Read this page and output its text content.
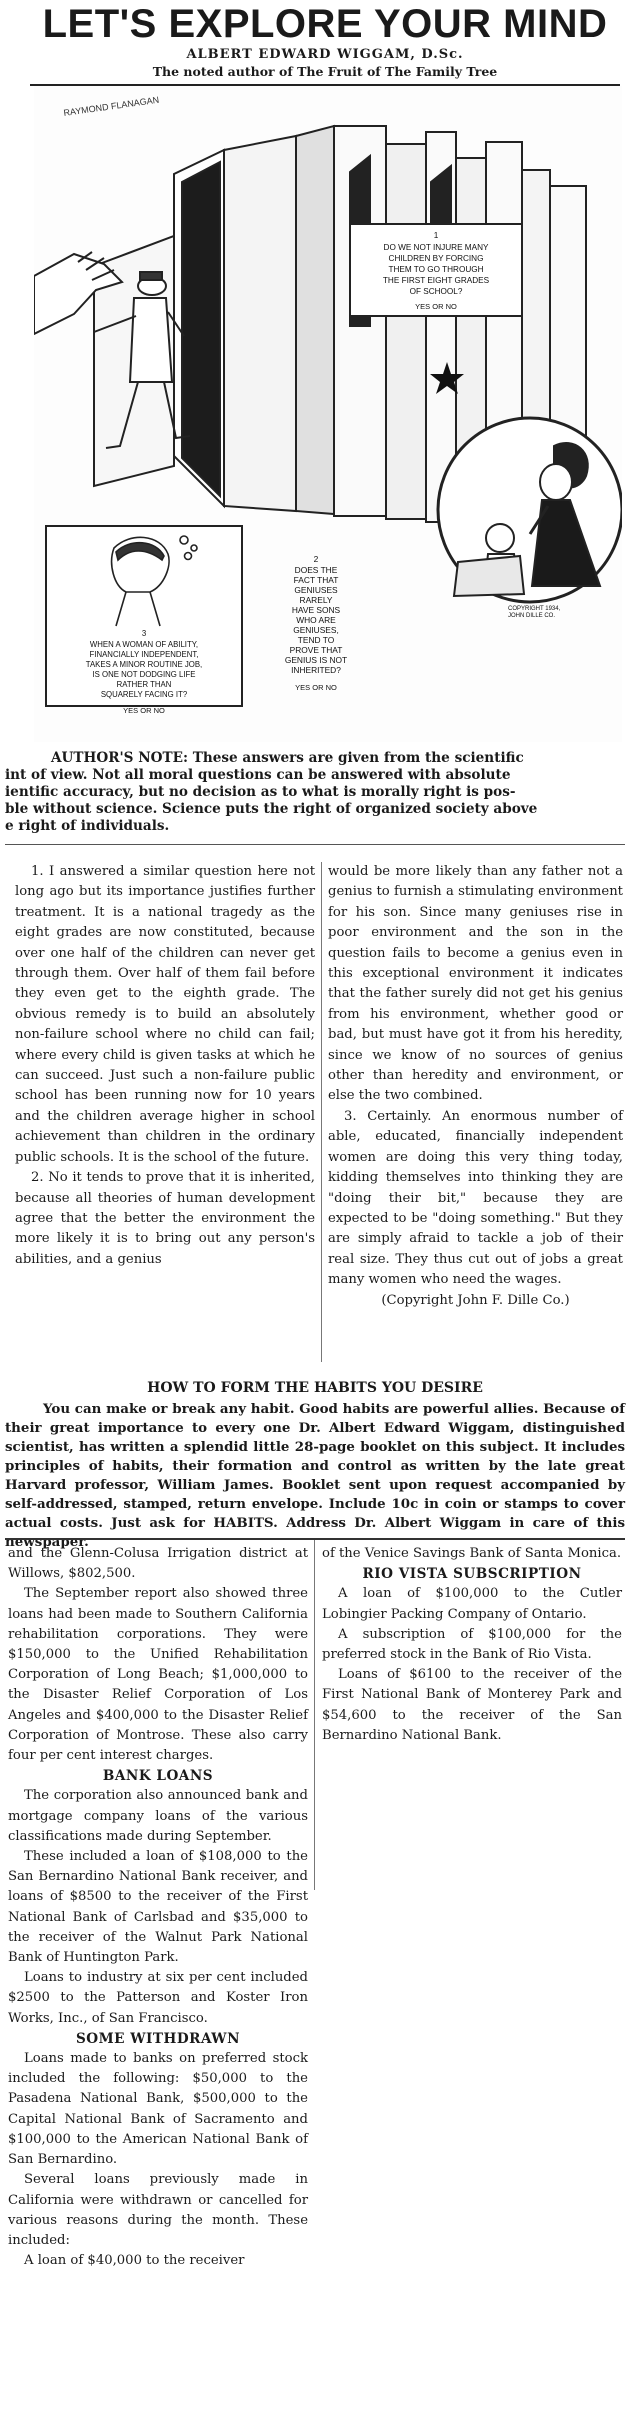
LET'S EXPLORE YOUR MIND
ALBERT EDWARD WIGGAM, D.Sc.
The noted author of The Fruit of The Family Tree
RAYMOND FLANAGAN
1
DO WE NOT INJURE MANY
CHILDREN BY FORCING
THEM TO GO THROUGH
THE FIRST EIGHT GRADES
OF SCHOOL?
YES OR NO
COPYRIGHT 1934,
JOHN DILLE CO.
2
DOES THE
FACT THAT
GENIUSES
RARELY
HAVE SONS
WHO ARE
GENIUSES,
TEND TO
PROVE THAT
GENIUS IS NOT
INHERITED?
YES OR NO
3
WHEN A WOMAN OF ABILITY,
FINANCIALLY INDEPENDENT,
TAKES A MINOR ROUTINE JOB,
IS ONE NOT DODGING LIFE
RATHER THAN
SQUARELY FACING IT?
YES OR NO

AUTHOR'S NOTE: These answers are given from the scientific

int of view. Not all moral questions can be answered with absolute

ientific accuracy, but no decision as to what is morally right is pos-

ble without science. Science puts the right of organized society above

e right of individuals.

1. I answered a similar question here not long ago but its importance justifies further treatment. It is a national tragedy as the eight grades are now constituted, because over one half of the children can never get through them. Over half of them fail before they even get to the eighth grade. The obvious remedy is to build an absolutely non-failure school where no child can fail; where every child is given tasks at which he can succeed. Just such a non-failure public school has been running now for 10 years and the children average higher in school achievement than children in the ordinary public schools. It is the school of the future.

2. No it tends to prove that it is inherited, because all theories of human development agree that the better the environment the more likely it is to bring out any person's abilities, and a genius

would be more likely than any father not a genius to furnish a stimulating environment for his son. Since many geniuses rise in poor environment and the son in the question fails to become a genius even in this exceptional environment it indicates that the father surely did not get his genius from his environment, whether good or bad, but must have got it from his heredity, since we know of no sources of genius other than heredity and environment, or else the two combined.

3. Certainly. An enormous number of able, educated, financially independent women are doing this very thing today, kidding themselves into thinking they are "doing their bit," because they are expected to be "doing something." But they are simply afraid to tackle a job of their real size. They thus cut out of jobs a great many women who need the wages.

(Copyright John F. Dille Co.)

HOW TO FORM THE HABITS YOU DESIRE

You can make or break any habit. Good habits are powerful allies. Because of their great importance to every one Dr. Albert Edward Wiggam, distinguished scientist, has written a splendid little 28-page booklet on this subject. It includes principles of habits, their formation and control as written by the late great Harvard professor, William James. Booklet sent upon request accompanied by self-addressed, stamped, return envelope. Include 10c in coin or stamps to cover actual costs. Just ask for HABITS. Address Dr. Albert Wiggam in care of this newspaper.

and the Glenn-Colusa Irrigation district at Willows, $802,500.

The September report also showed three loans had been made to Southern California rehabilitation corporations. They were $150,000 to the Unified Rehabilitation Corporation of Long Beach; $1,000,000 to the Disaster Relief Corporation of Los Angeles and $400,000 to the Disaster Relief Corporation of Montrose. These also carry four per cent interest charges.

BANK LOANS

The corporation also announced bank and mortgage company loans of the various classifications made during September.

These included a loan of $108,000 to the San Bernardino National Bank receiver, and loans of $8500 to the receiver of the First National Bank of Carlsbad and $35,000 to the receiver of the Walnut Park National Bank of Huntington Park.

Loans to industry at six per cent included $2500 to the Patterson and Koster Iron Works, Inc., of San Francisco.

SOME WITHDRAWN

Loans made to banks on preferred stock included the following: $50,000 to the Pasadena National Bank, $500,000 to the Capital National Bank of Sacramento and $100,000 to the American National Bank of San Bernardino.

Several loans previously made in California were withdrawn or cancelled for various reasons during the month. These included:

A loan of $40,000 to the receiver

of the Venice Savings Bank of Santa Monica.

RIO VISTA SUBSCRIPTION

A loan of $100,000 to the Cutler Lobingier Packing Company of Ontario.

A subscription of $100,000 for the preferred stock in the Bank of Rio Vista.

Loans of $6100 to the receiver of the First National Bank of Monterey Park and $54,600 to the receiver of the San Bernardino National Bank.
